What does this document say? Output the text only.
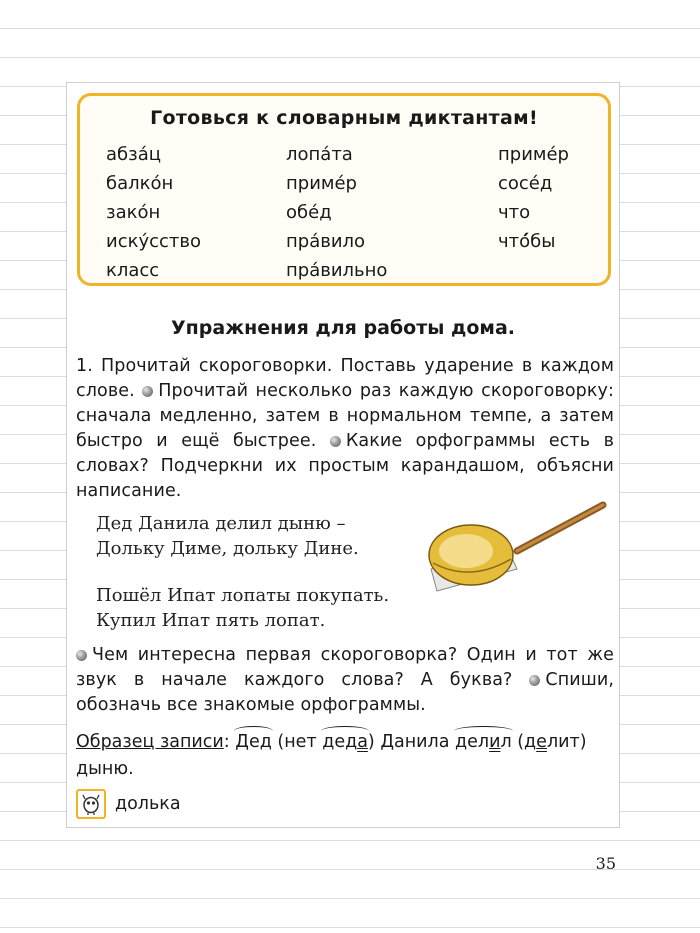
Готовься к словарным диктантам!
абза́ц
балко́н
зако́н
иску́сство
класс
лопа́та
приме́р
обе́д
пра́вило
пра́вильно
приме́р
сосе́д
что
чтó́бы
Упражнения для работы дома.
1. Прочитай скороговорки. Поставь ударение в каждом слове. Прочитай несколько раз каждую скороговорку: сначала медленно, затем в нормальном темпе, а затем быстро и ещё быстрее. Какие орфограммы есть в словах? Подчеркни их простым карандашом, объясни написание.
Дед Данила делил дыню –
Дольку Диме, дольку Дине.
Пошёл Ипат лопаты покупать.
Купил Ипат пять лопат.
Чем интересна первая скороговорка? Один и тот же звук в начале каждого слова? А буква? Спиши, обозначь все знакомые орфограммы.
Образец записи: Дед (нет деда) Данила делил (делит) дыню.
долька
35
